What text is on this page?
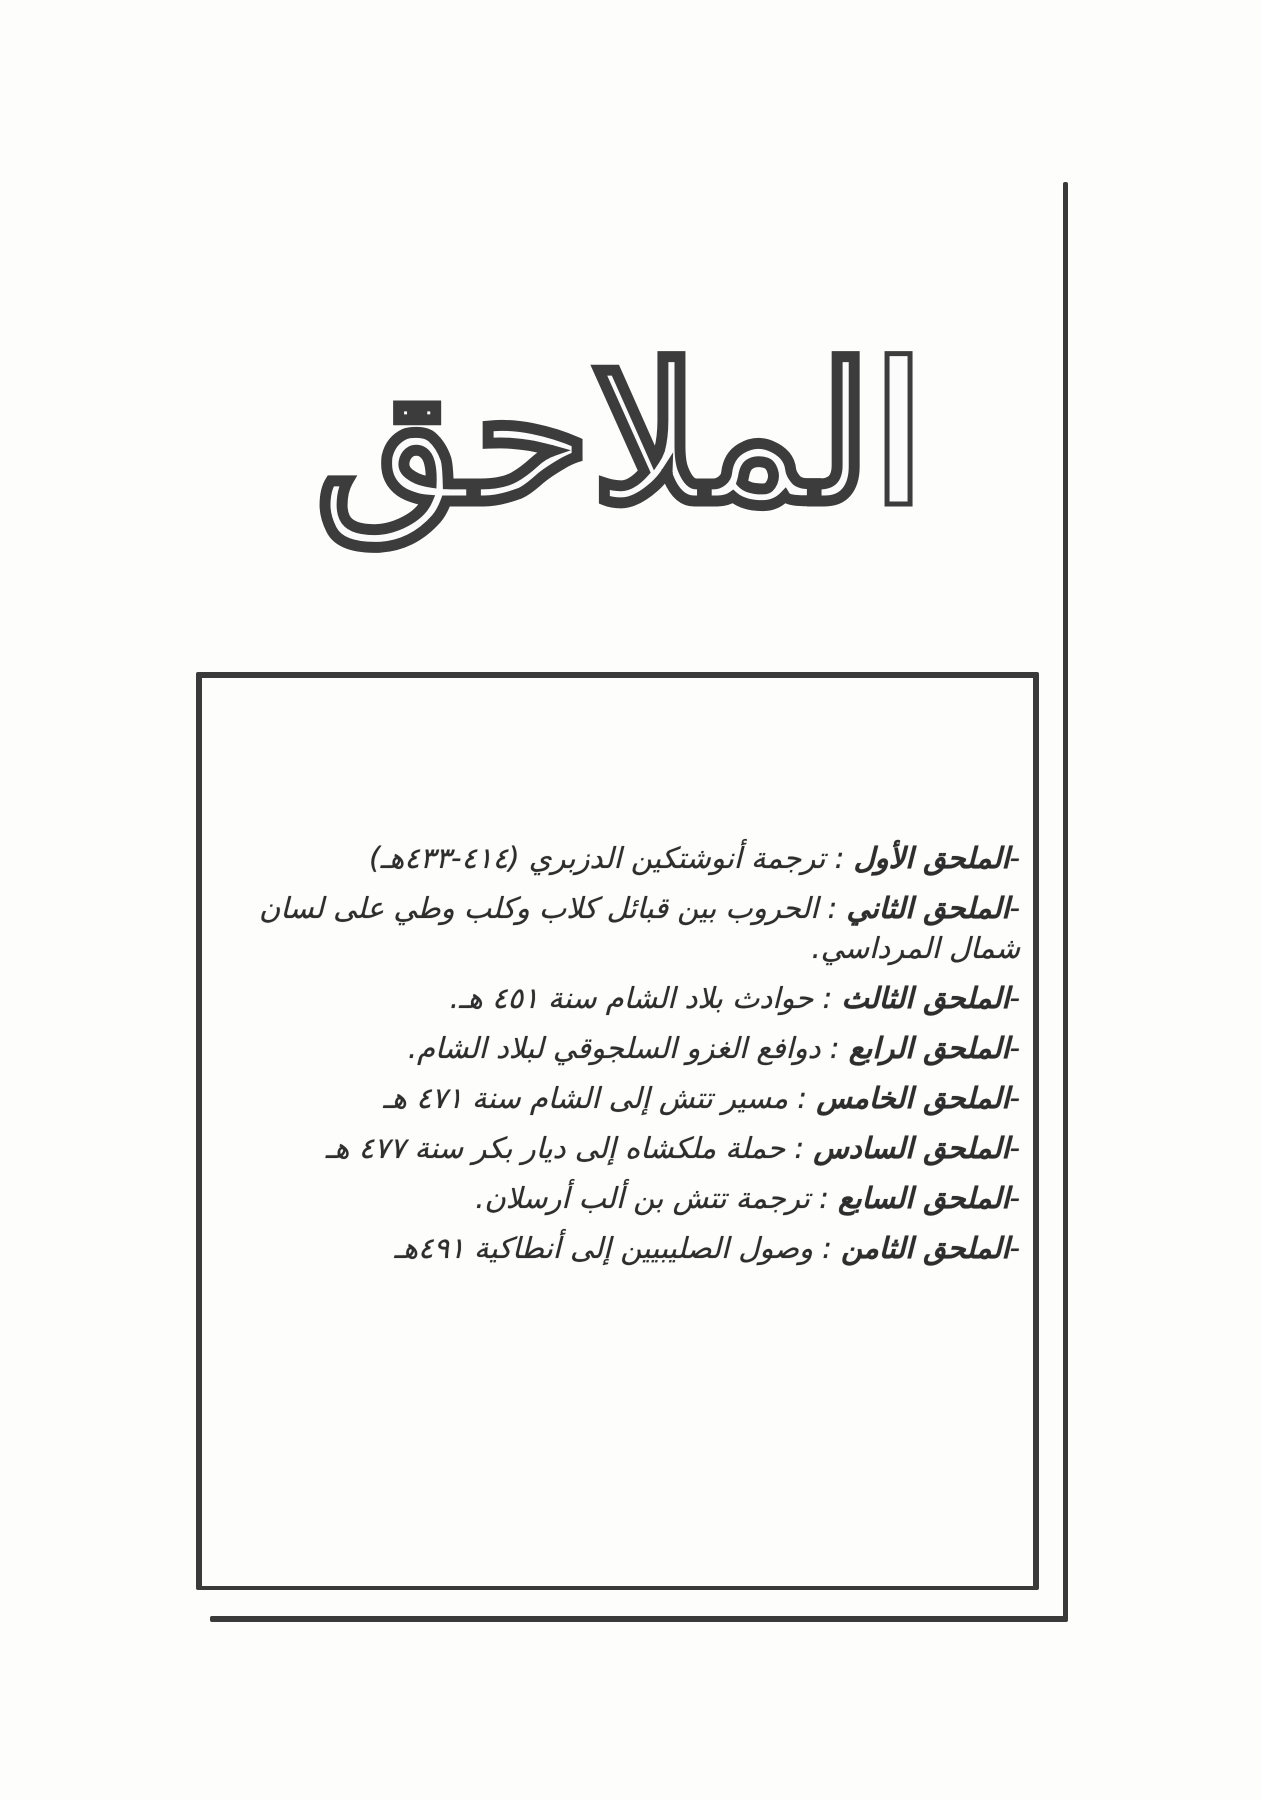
الملاحق
-الملحق الأول : ترجمة أنوشتكين الدزبري (٤١٤-٤٣٣هـ)
-الملحق الثاني : الحروب بين قبائل كلاب وكلب وطي على لسان شمال المرداسي.
-الملحق الثالث : حوادث بلاد الشام سنة ٤٥١ هـ.
-الملحق الرابع : دوافع الغزو السلجوقي لبلاد الشام.
-الملحق الخامس : مسير تتش إلى الشام سنة ٤٧١ هـ
-الملحق السادس : حملة ملكشاه إلى ديار بكر سنة ٤٧٧ هـ
-الملحق السابع : ترجمة تتش بن ألب أرسلان.
-الملحق الثامن : وصول الصليبيين إلى أنطاكية ٤٩١هـ
